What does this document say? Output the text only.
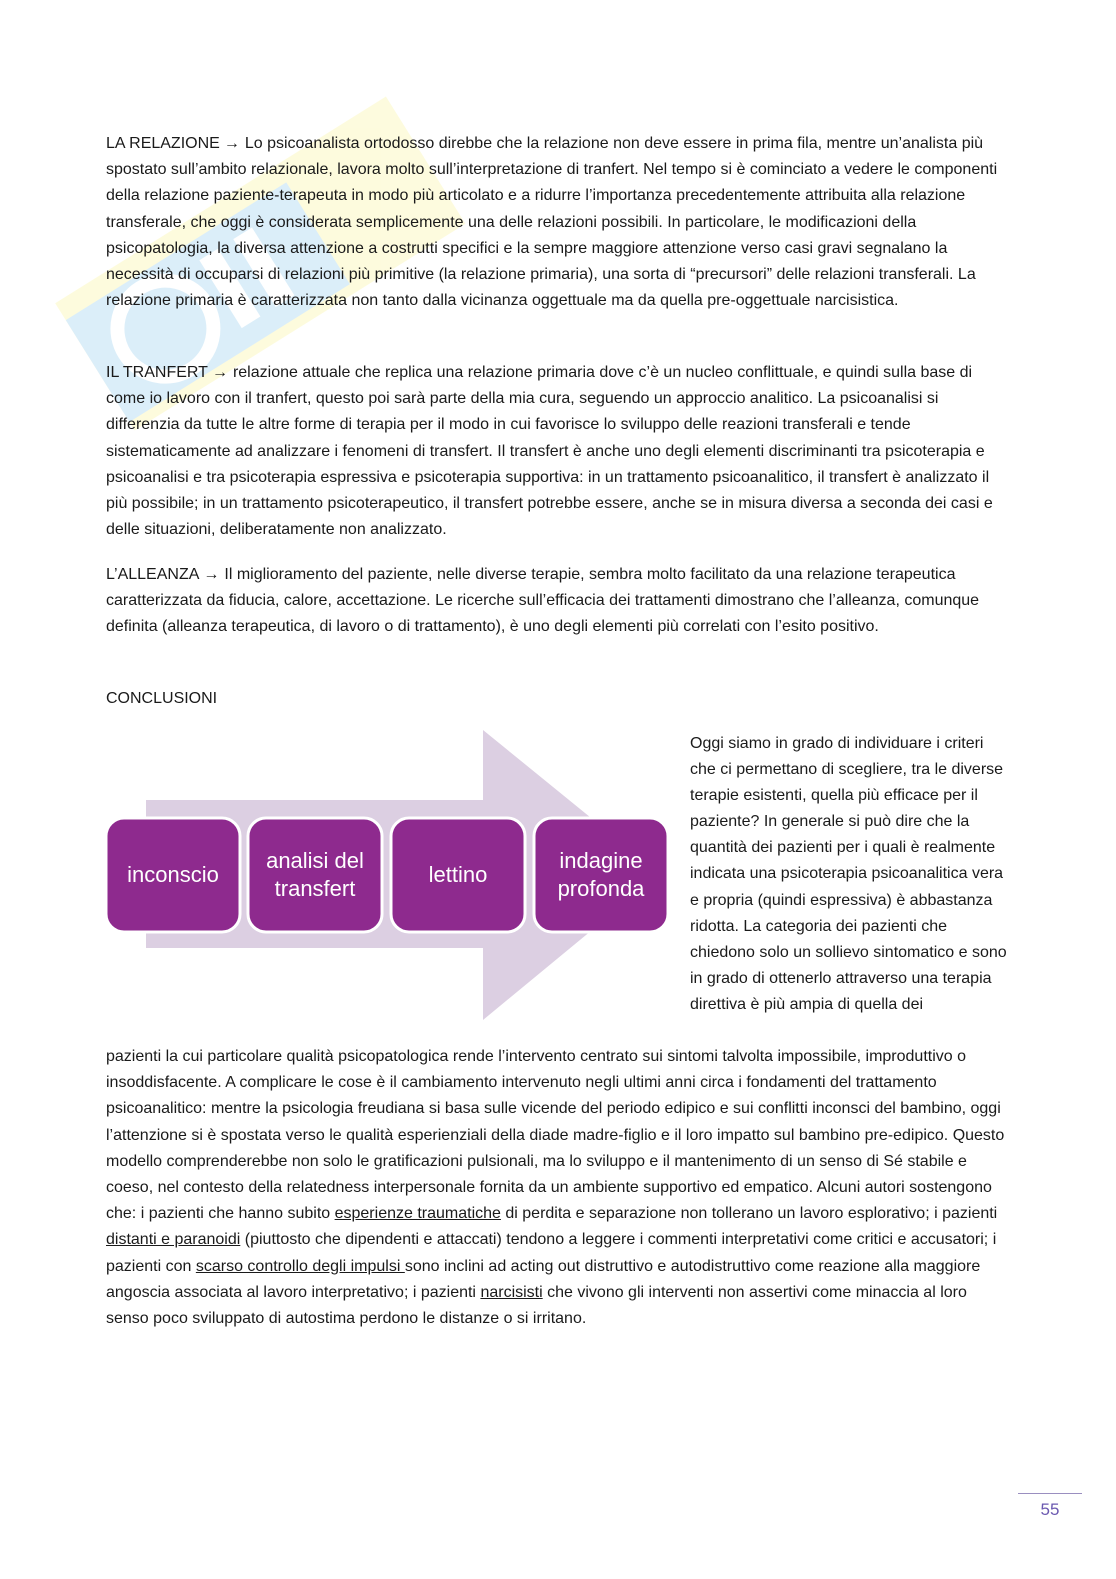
LA RELAZIONE → Lo psicoanalista ortodosso direbbe che la relazione non deve essere in prima fila, mentre un’analista più spostato sull’ambito relazionale, lavora molto sull’interpretazione di tranfert. Nel tempo si è cominciato a vedere le componenti della relazione paziente-terapeuta in modo più articolato e a ridurre l’importanza precedentemente attribuita alla relazione transferale, che oggi è considerata semplicemente una delle relazioni possibili. In particolare, le modificazioni della psicopatologia, la diversa attenzione a costrutti specifici e la sempre maggiore attenzione verso casi gravi segnalano la necessità di occuparsi di relazioni più primitive (la relazione primaria), una sorta di “precursori” delle relazioni transferali. La relazione primaria è caratterizzata non tanto dalla vicinanza oggettuale ma da quella pre-oggettuale narcisistica.

IL TRANFERT → relazione attuale che replica una relazione primaria dove c’è un nucleo conflittuale, e quindi sulla base di come io lavoro con il tranfert, questo poi sarà parte della mia cura, seguendo un approccio analitico. La psicoanalisi si differenzia da tutte le altre forme di terapia per il modo in cui favorisce lo sviluppo delle reazioni transferali e tende sistematicamente ad analizzare i fenomeni di transfert. Il transfert è anche uno degli elementi discriminanti tra psicoterapia e psicoanalisi e tra psicoterapia espressiva e psicoterapia supportiva: in un trattamento psicoanalitico, il transfert è analizzato il più possibile; in un trattamento psicoterapeutico, il transfert potrebbe essere, anche se in misura diversa a seconda dei casi e delle situazioni, deliberatamente non analizzato.

L’ALLEANZA → Il miglioramento del paziente, nelle diverse terapie, sembra molto facilitato da una relazione terapeutica caratterizzata da fiducia, calore, accettazione. Le ricerche sull’efficacia dei trattamenti dimostrano che l’alleanza, comunque definita (alleanza terapeutica, di lavoro o di trattamento), è uno degli elementi più correlati con l’esito positivo.

CONCLUSIONI

inconscio
analisi del
transfert
lettino
indagine
profonda

Oggi siamo in grado di individuare i criteri che ci permettano di scegliere, tra le diverse terapie esistenti, quella più efficace per il paziente? In generale si può dire che la quantità dei pazienti per i quali è realmente indicata una psicoterapia psicoanalitica vera e propria (quindi espressiva) è abbastanza ridotta. La categoria dei pazienti che chiedono solo un sollievo sintomatico e sono in grado di ottenerlo attraverso una terapia direttiva è più ampia di quella dei

pazienti la cui particolare qualità psicopatologica rende l’intervento centrato sui sintomi talvolta impossibile, improduttivo o insoddisfacente. A complicare le cose è il cambiamento intervenuto negli ultimi anni circa i fondamenti del trattamento psicoanalitico: mentre la psicologia freudiana si basa sulle vicende del periodo edipico e sui conflitti inconsci del bambino, oggi l’attenzione si è spostata verso le qualità esperienziali della diade madre-figlio e il loro impatto sul bambino pre-edipico. Questo modello comprenderebbe non solo le gratificazioni pulsionali, ma lo sviluppo e il mantenimento di un senso di Sé stabile e coeso, nel contesto della relatedness interpersonale fornita da un ambiente supportivo ed empatico. Alcuni autori sostengono che: i pazienti che hanno subito esperienze traumatiche di perdita e separazione non tollerano un lavoro esplorativo; i pazienti distanti e paranoidi (piuttosto che dipendenti e attaccati) tendono a leggere i commenti interpretativi come critici e accusatori; i pazienti con scarso controllo degli impulsi sono inclini ad acting out distruttivo e autodistruttivo come reazione alla maggiore angoscia associata al lavoro interpretativo; i pazienti narcisisti che vivono gli interventi non assertivi come minaccia al loro senso poco sviluppato di autostima perdono le distanze o si irritano.

55
